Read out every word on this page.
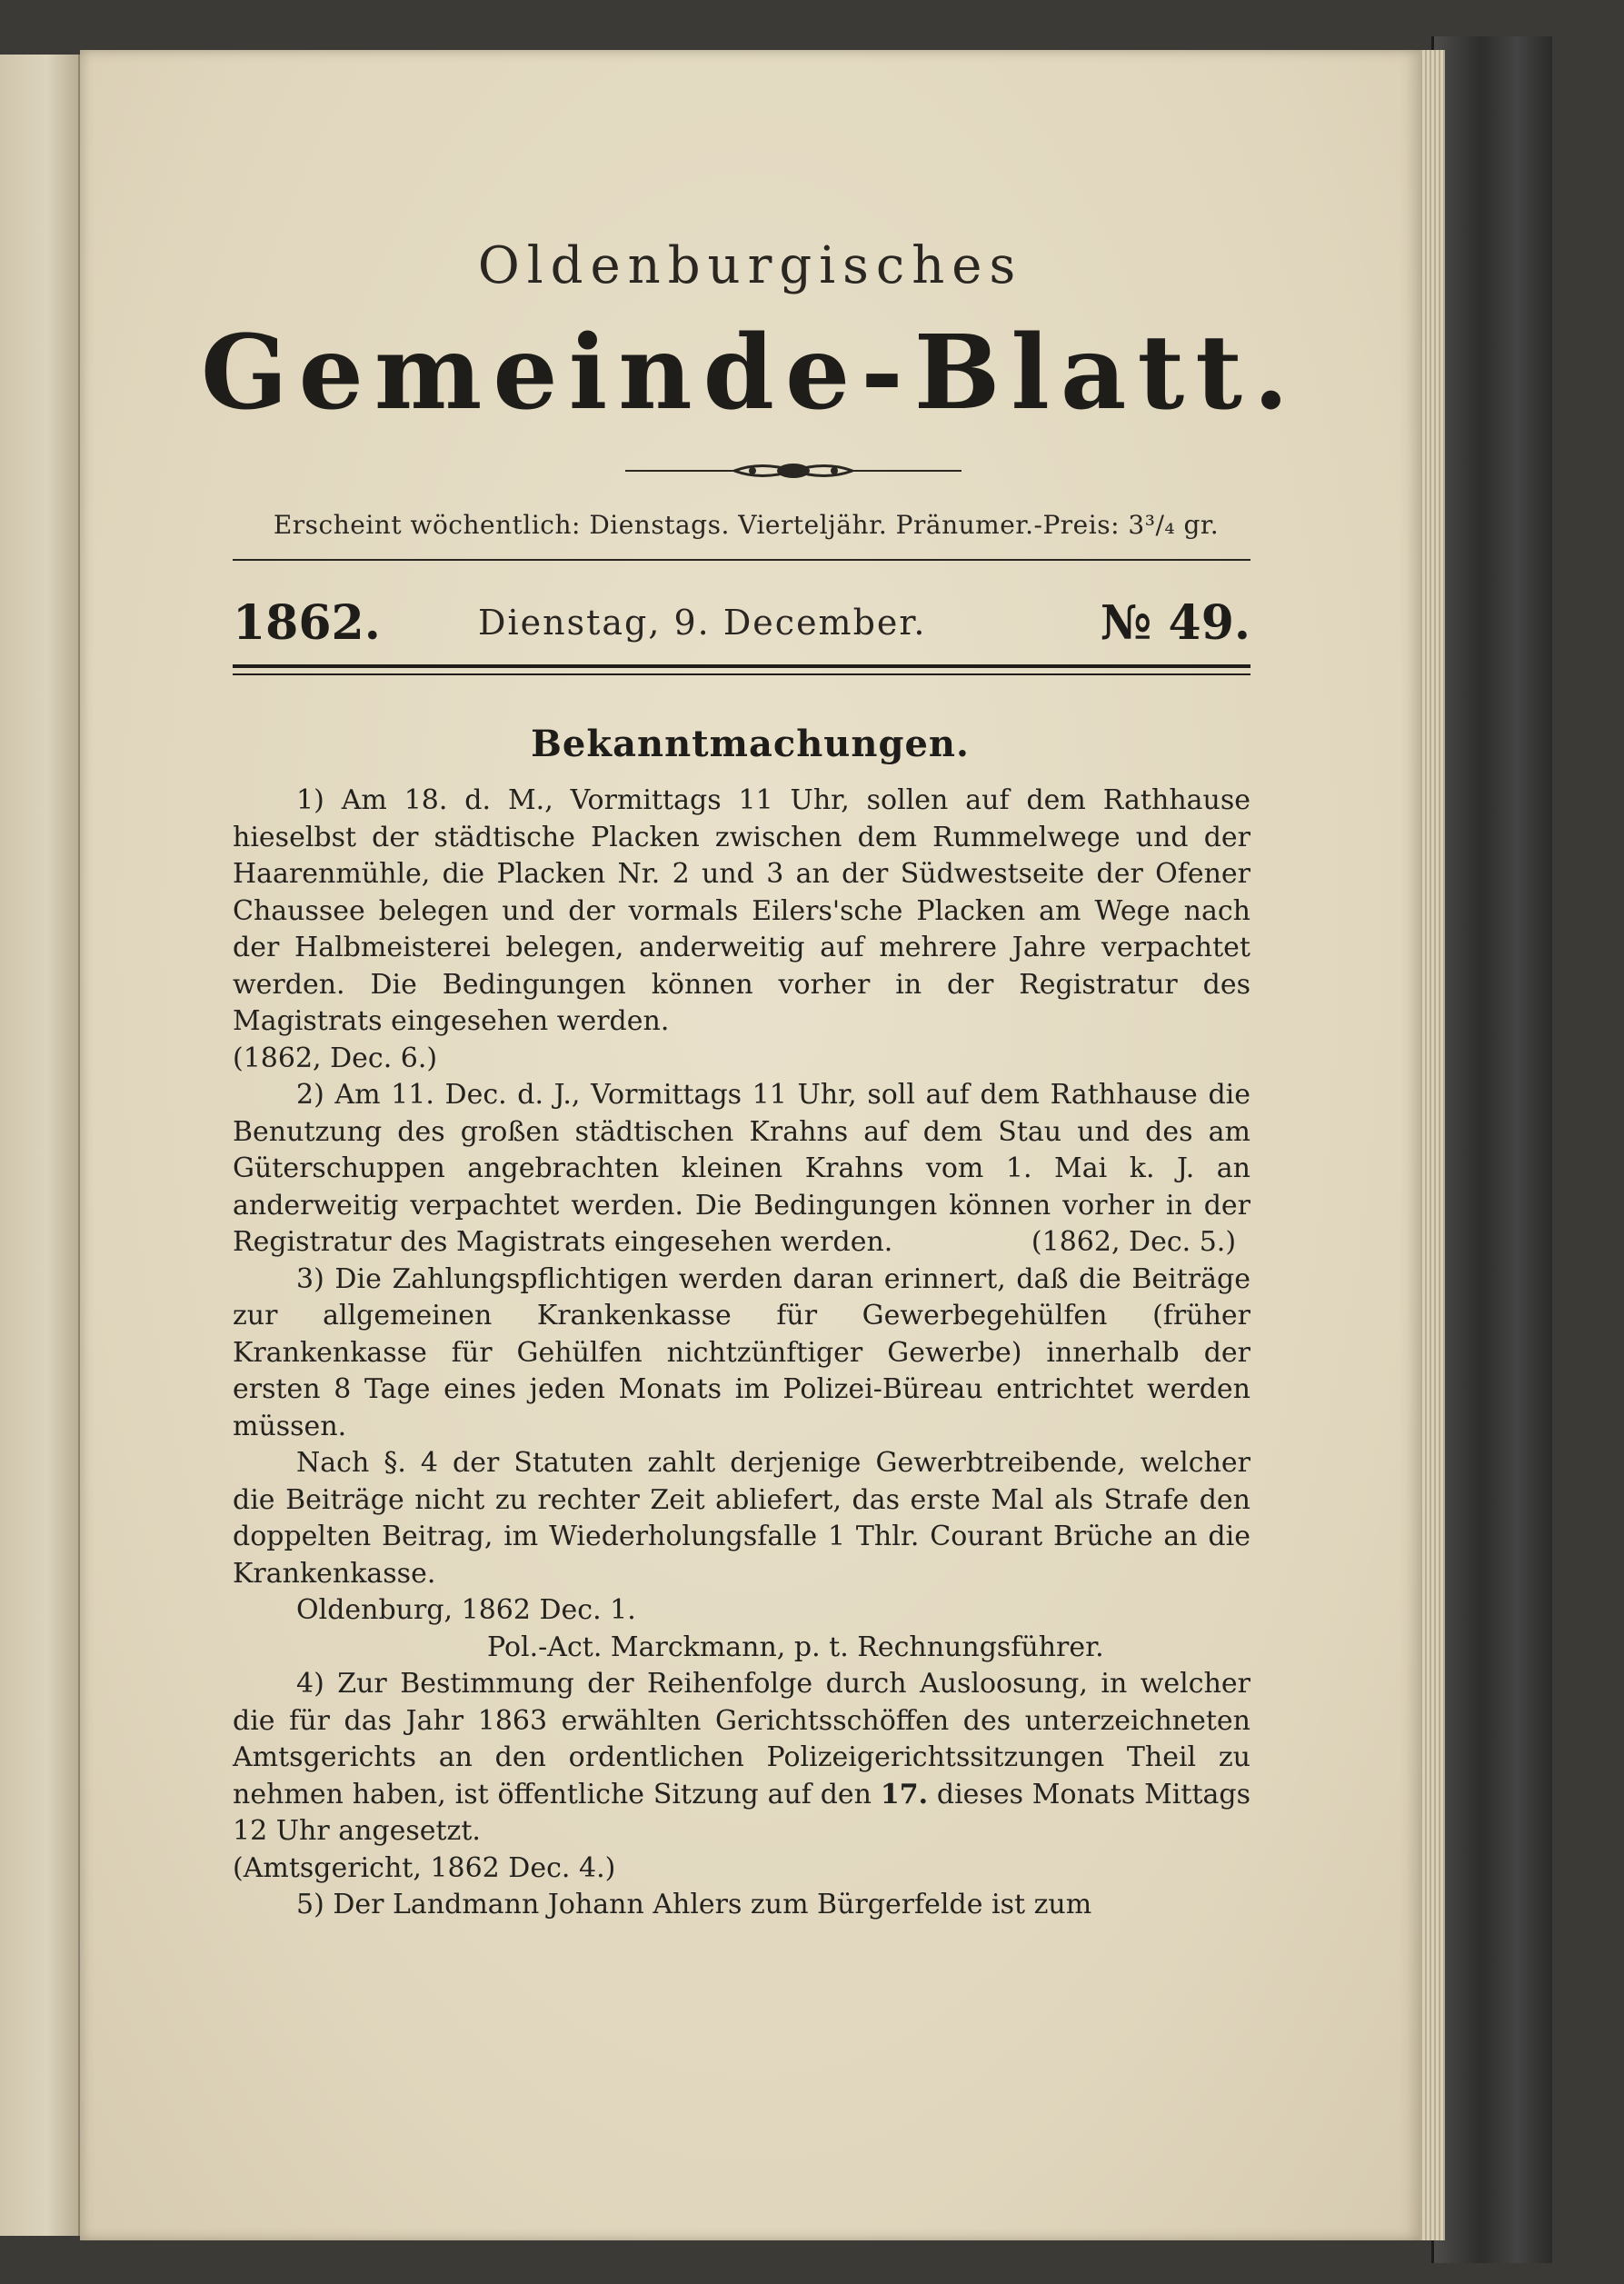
Oldenburgisches
Gemeinde-Blatt.
Erscheint wöchentlich: Dienstags. Vierteljähr. Pränumer.-Preis: 3³/₄ gr.
1862.	Dienstag, 9. December.	№ 49.
Bekanntmachungen.

1) Am 18. d. M., Vormittags 11 Uhr, sollen auf dem Rathhause hieselbst der städtische Placken zwischen dem Rummelwege und der Haarenmühle, die Placken Nr. 2 und 3 an der Südwestseite der Ofener Chaussee belegen und der vormals Eilers'sche Placken am Wege nach der Halbmeisterei belegen, anderweitig auf mehrere Jahre verpachtet werden. Die Bedingungen können vorher in der Registratur des Magistrats eingesehen werden.

(1862, Dec. 6.)

2) Am 11. Dec. d. J., Vormittags 11 Uhr, soll auf dem Rathhause die Benutzung des großen städtischen Krahns auf dem Stau und des am Güterschuppen angebrachten kleinen Krahns vom 1. Mai k. J. an anderweitig verpachtet werden. Die Bedingungen können vorher in der Registratur des Magistrats eingesehen werden.                (1862, Dec. 5.)

3) Die Zahlungspflichtigen werden daran erinnert, daß die Beiträge zur allgemeinen Krankenkasse für Gewerbegehülfen (früher Krankenkasse für Gehülfen nichtzünftiger Gewerbe) innerhalb der ersten 8 Tage eines jeden Monats im Polizei-Büreau entrichtet werden müssen.

Nach §. 4 der Statuten zahlt derjenige Gewerbtreibende, welcher die Beiträge nicht zu rechter Zeit abliefert, das erste Mal als Strafe den doppelten Beitrag, im Wiederholungsfalle 1 Thlr. Courant Brüche an die Krankenkasse.

Oldenburg, 1862 Dec. 1.

Pol.-Act. Marckmann, p. t. Rechnungsführer.

4) Zur Bestimmung der Reihenfolge durch Ausloosung, in welcher die für das Jahr 1863 erwählten Gerichtsschöffen des unterzeichneten Amtsgerichts an den ordentlichen Polizeigerichtssitzungen Theil zu nehmen haben, ist öffentliche Sitzung auf den 17. dieses Monats Mittags 12 Uhr angesetzt.

(Amtsgericht, 1862 Dec. 4.)

5) Der Landmann Johann Ahlers zum Bürgerfelde ist zum
